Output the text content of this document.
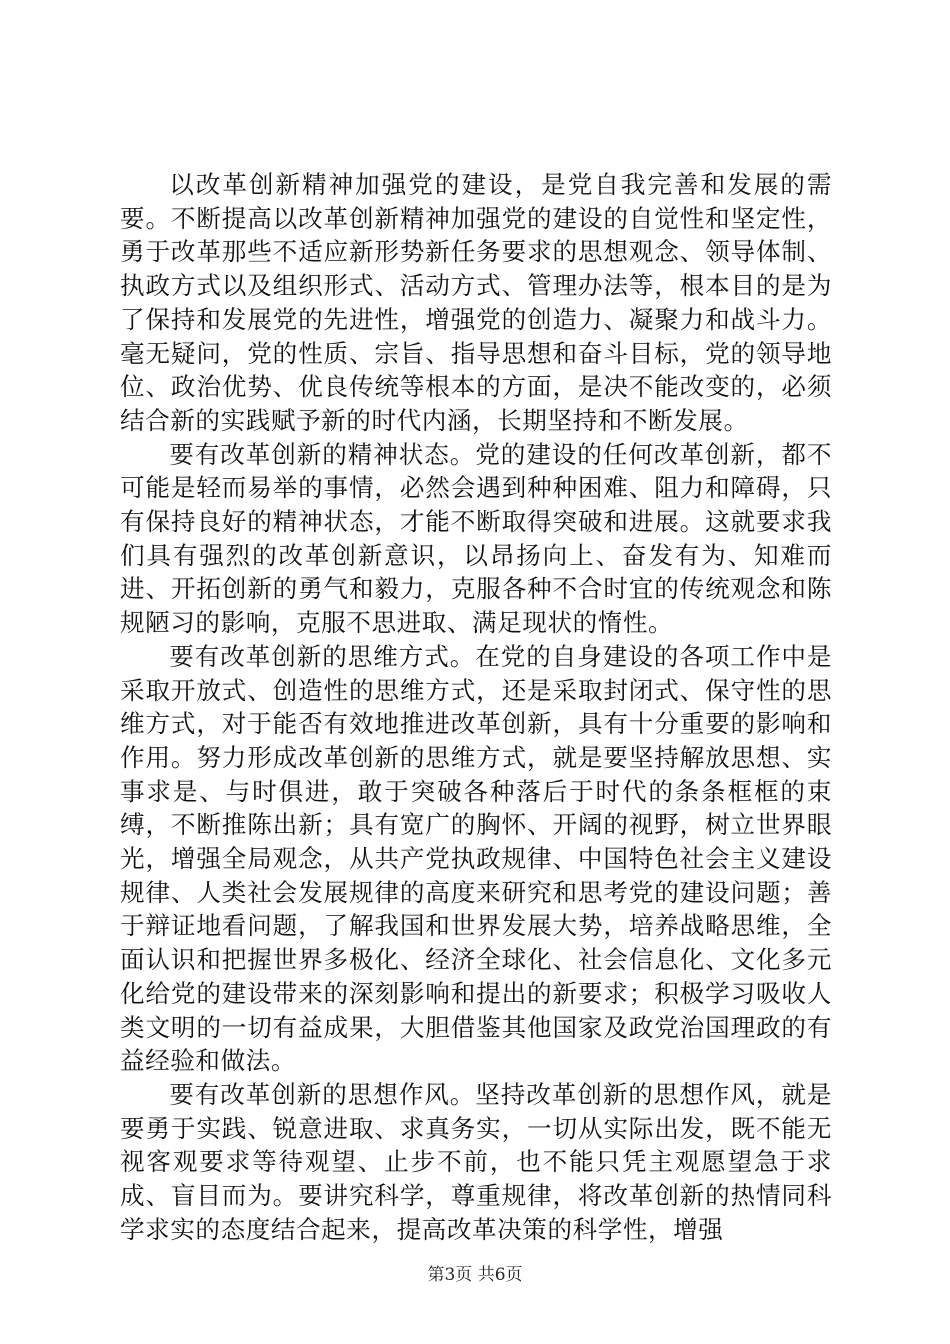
以改革创新精神加强党的建设，是党自我完善和发展的需要。不断提高以改革创新精神加强党的建设的自觉性和坚定性，勇于改革那些不适应新形势新任务要求的思想观念、领导体制、执政方式以及组织形式、活动方式、管理办法等，根本目的是为了保持和发展党的先进性，增强党的创造力、凝聚力和战斗力。毫无疑问，党的性质、宗旨、指导思想和奋斗目标，党的领导地位、政治优势、优良传统等根本的方面，是决不能改变的，必须结合新的实践赋予新的时代内涵，长期坚持和不断发展。

要有改革创新的精神状态。党的建设的任何改革创新，都不可能是轻而易举的事情，必然会遇到种种困难、阻力和障碍，只有保持良好的精神状态，才能不断取得突破和进展。这就要求我们具有强烈的改革创新意识，以昂扬向上、奋发有为、知难而进、开拓创新的勇气和毅力，克服各种不合时宜的传统观念和陈规陋习的影响，克服不思进取、满足现状的惰性。

要有改革创新的思维方式。在党的自身建设的各项工作中是采取开放式、创造性的思维方式，还是采取封闭式、保守性的思维方式，对于能否有效地推进改革创新，具有十分重要的影响和作用。努力形成改革创新的思维方式，就是要坚持解放思想、实事求是、与时俱进，敢于突破各种落后于时代的条条框框的束缚，不断推陈出新；具有宽广的胸怀、开阔的视野，树立世界眼光，增强全局观念，从共产党执政规律、中国特色社会主义建设规律、人类社会发展规律的高度来研究和思考党的建设问题；善于辩证地看问题，了解我国和世界发展大势，培养战略思维，全面认识和把握世界多极化、经济全球化、社会信息化、文化多元化给党的建设带来的深刻影响和提出的新要求；积极学习吸收人类文明的一切有益成果，大胆借鉴其他国家及政党治国理政的有益经验和做法。

要有改革创新的思想作风。坚持改革创新的思想作风，就是要勇于实践、锐意进取、求真务实，一切从实际出发，既不能无视客观要求等待观望、止步不前，也不能只凭主观愿望急于求成、盲目而为。要讲究科学，尊重规律，将改革创新的热情同科学求实的态度结合起来，提高改革决策的科学性，增强

第3页 共6页
